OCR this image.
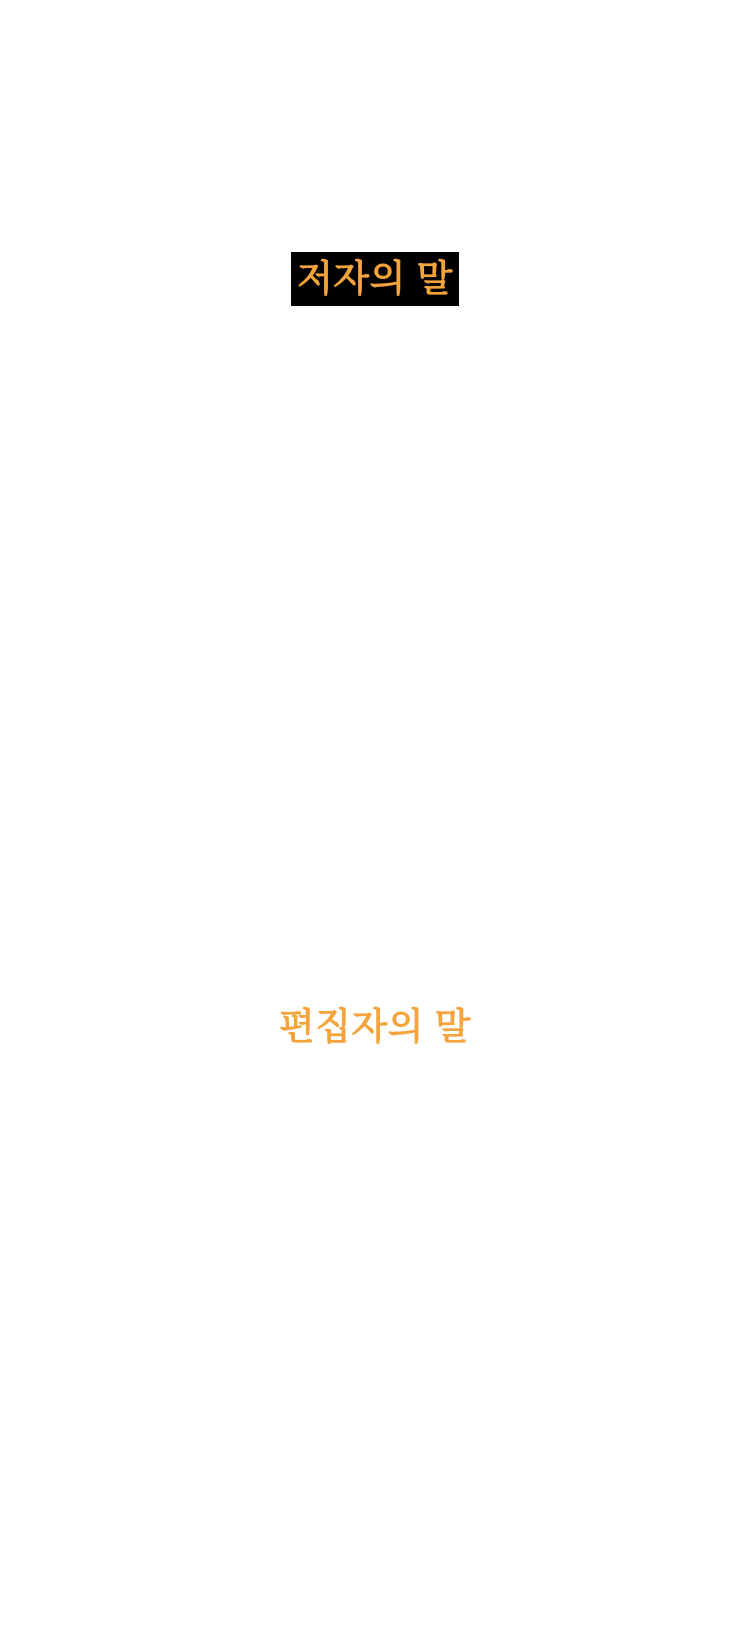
저자의 말
편집자의 말
